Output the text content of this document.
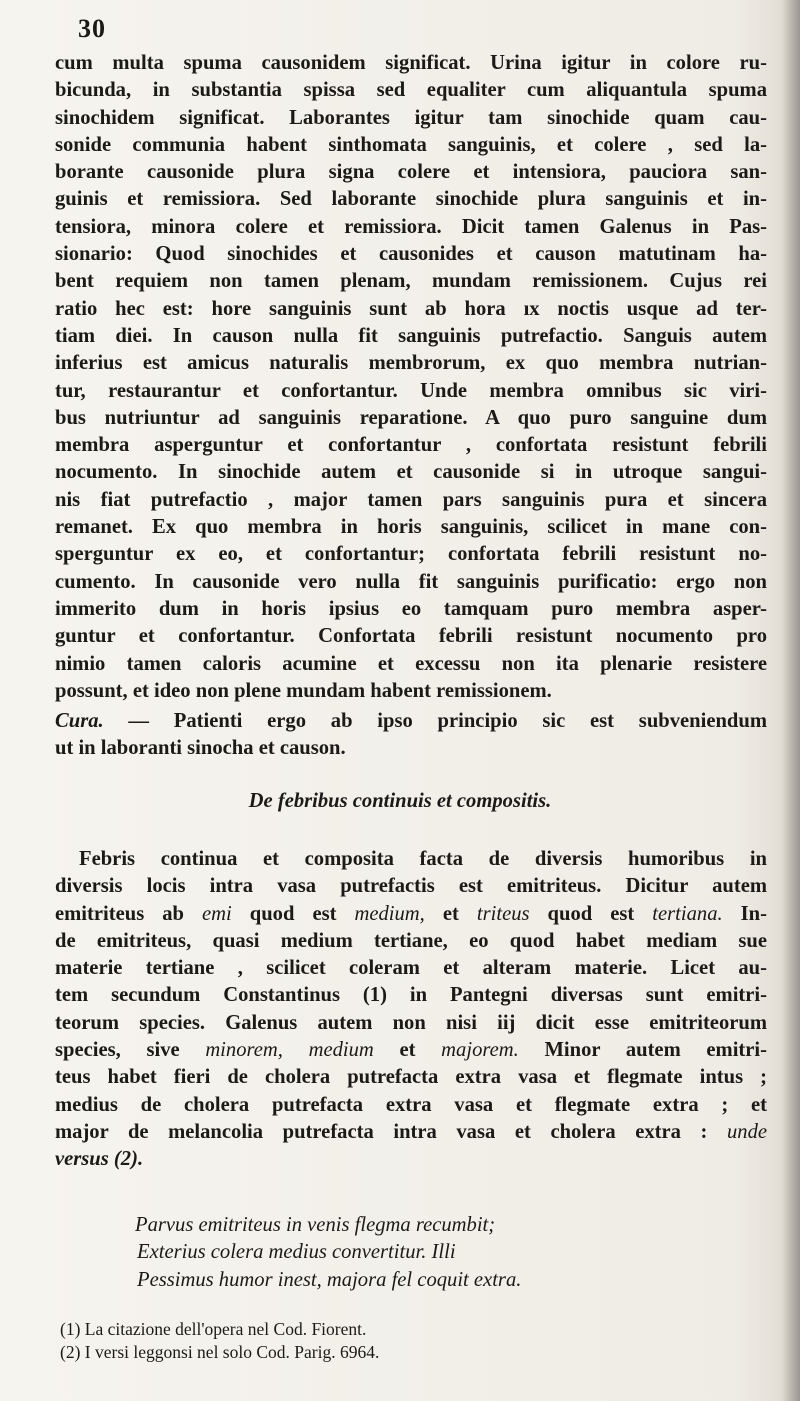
30
cum multa spuma causonidem significat. Urina igitur in colore ru-
bicunda, in substantia spissa sed equaliter cum aliquantula spuma
sinochidem significat. Laborantes igitur tam sinochide quam cau-
sonide communia habent sinthomata sanguinis, et colere , sed la-
borante causonide plura signa colere et intensiora, pauciora san-
guinis et remissiora. Sed laborante sinochide plura sanguinis et in-
tensiora, minora colere et remissiora. Dicit tamen Galenus in Pas-
sionario: Quod sinochides et causonides et causon matutinam ha-
bent requiem non tamen plenam, mundam remissionem. Cujus rei
ratio hec est: hore sanguinis sunt ab hora ıx noctis usque ad ter-
tiam diei. In causon nulla fit sanguinis putrefactio. Sanguis autem
inferius est amicus naturalis membrorum, ex quo membra nutrian-
tur, restaurantur et confortantur. Unde membra omnibus sic viri-
bus nutriuntur ad sanguinis reparatione. A quo puro sanguine dum
membra asperguntur et confortantur , confortata resistunt febrili
nocumento. In sinochide autem et causonide si in utroque sangui-
nis fiat putrefactio , major tamen pars sanguinis pura et sincera
remanet. Ex quo membra in horis sanguinis, scilicet in mane con-
sperguntur ex eo, et confortantur; confortata febrili resistunt no-
cumento. In causonide vero nulla fit sanguinis purificatio: ergo non
immerito dum in horis ipsius eo tamquam puro membra asper-
guntur et confortantur. Confortata febrili resistunt nocumento pro
nimio tamen caloris acumine et excessu non ita plenarie resistere
possunt, et ideo non plene mundam habent remissionem.
Cura. — Patienti ergo ab ipso principio sic est subveniendum
ut in laboranti sinocha et causon.
De febribus continuis et compositis.
Febris continua et composita facta de diversis humoribus in
diversis locis intra vasa putrefactis est emitriteus. Dicitur autem
emitriteus ab emi quod est medium, et triteus quod est tertiana. In-
de emitriteus, quasi medium tertiane, eo quod habet mediam sue
materie tertiane , scilicet coleram et alteram materie. Licet au-
tem secundum Constantinus (1) in Pantegni diversas sunt emitri-
teorum species. Galenus autem non nisi iij dicit esse emitriteorum
species, sive minorem, medium et majorem. Minor autem emitri-
teus habet fieri de cholera putrefacta extra vasa et flegmate intus ;
medius de cholera putrefacta extra vasa et flegmate extra ; et
major de melancolia putrefacta intra vasa et cholera extra : unde
versus (2).
Parvus emitriteus in venis flegma recumbit;
Exterius colera medius convertitur. Illi
Pessimus humor inest, majora fel coquit extra.
(1) La citazione dell'opera nel Cod. Fiorent.
(2) I versi leggonsi nel solo Cod. Parig. 6964.
